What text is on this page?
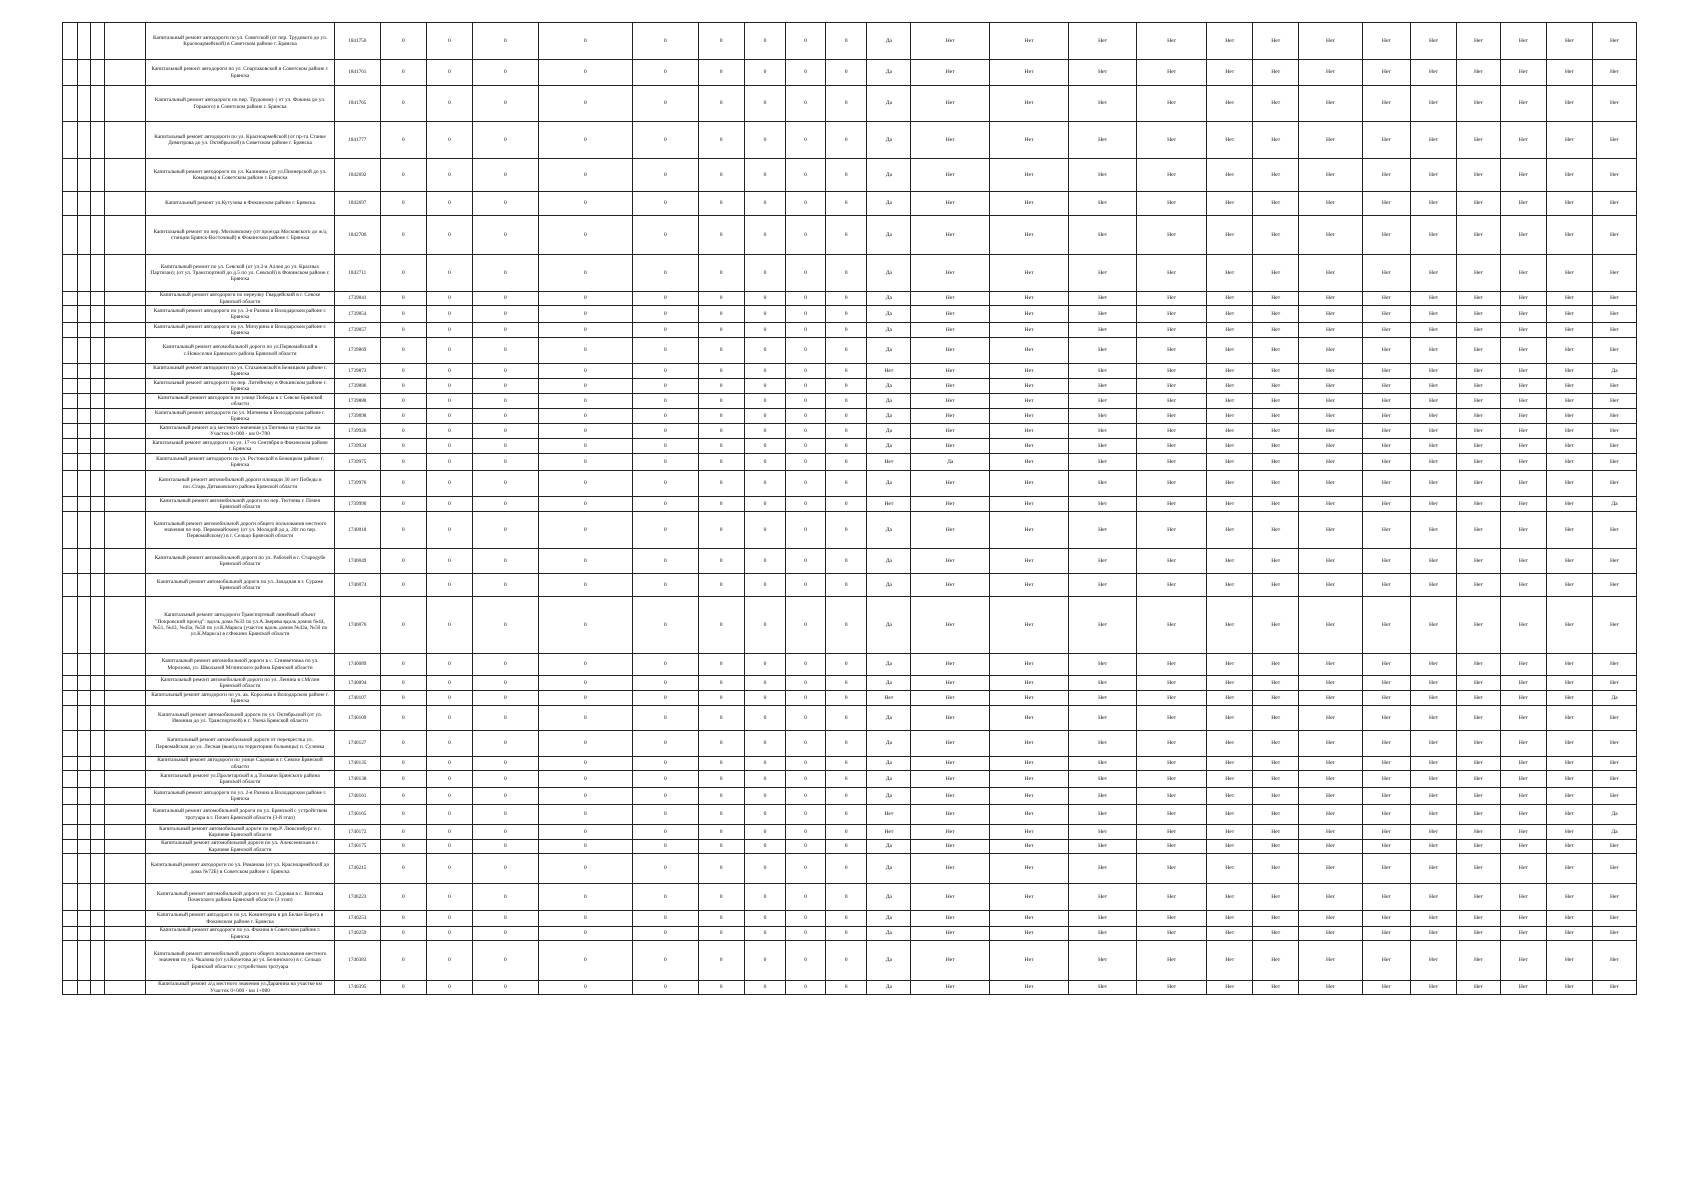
				Капитальный ремонт автодороги по ул. Советской (от пер. Трудового до ул. Красноармейской) в Советском районе г. Брянска	1841756	0	0	0	0	0	0	0	0	0	Да	Нет	Нет	Нет	Нет	Нет	Нет	Нет	Нет	Нет	Нет	Нет	Нет	Нет
				Капитальный ремонт автодороги по ул. Спартаковской в Советском районе г. Брянска	1841761	0	0	0	0	0	0	0	0	0	Да	Нет	Нет	Нет	Нет	Нет	Нет	Нет	Нет	Нет	Нет	Нет	Нет	Нет
				Капитальный ремонт автодороги по пер. Трудовому ( от ул. Фокина до ул. Горького) в Советском районе г. Брянска	1841765	0	0	0	0	0	0	0	0	0	Да	Нет	Нет	Нет	Нет	Нет	Нет	Нет	Нет	Нет	Нет	Нет	Нет	Нет
				Капитальный ремонт автодороги по ул. Красноармейской (от пр-та Станке Димитрова до ул. Октябрьской) в Советском районе г. Брянска	1841777	0	0	0	0	0	0	0	0	0	Да	Нет	Нет	Нет	Нет	Нет	Нет	Нет	Нет	Нет	Нет	Нет	Нет	Нет
				Капитальный ремонт автодороги по ул. Калинина (от ул.Пионерской до ул. Комарова) в Советском районе г. Брянска	1842692	0	0	0	0	0	0	0	0	0	Да	Нет	Нет	Нет	Нет	Нет	Нет	Нет	Нет	Нет	Нет	Нет	Нет	Нет
				Капитальный ремонт ул.Кутузова в Фокинском районе г. Брянска	1842697	0	0	0	0	0	0	0	0	0	Да	Нет	Нет	Нет	Нет	Нет	Нет	Нет	Нет	Нет	Нет	Нет	Нет	Нет
				Капитальный ремонт по пер. Московскому (от проезда Московского до ж/д станции Брянск-Восточный) в Фокинском районе г. Брянска	1842706	0	0	0	0	0	0	0	0	0	Да	Нет	Нет	Нет	Нет	Нет	Нет	Нет	Нет	Нет	Нет	Нет	Нет	Нет
				Капитальный ремонт по ул. Севской (от ул.2-я Аллея до ул. Красных Партизан); (от ул. Транспортной до д.5 по ул. Севской) в Фокинском районе г. Брянска	1842711	0	0	0	0	0	0	0	0	0	Да	Нет	Нет	Нет	Нет	Нет	Нет	Нет	Нет	Нет	Нет	Нет	Нет	Нет
				Капитальный ремонт автодороги по переулку Гвардейский в г. Севске Брянской области	1739841	0	0	0	0	0	0	0	0	0	Да	Нет	Нет	Нет	Нет	Нет	Нет	Нет	Нет	Нет	Нет	Нет	Нет	Нет
				Капитальный ремонт автодороги по ул. 3-я Разина в Володарском районе г. Брянска	1739854	0	0	0	0	0	0	0	0	0	Да	Нет	Нет	Нет	Нет	Нет	Нет	Нет	Нет	Нет	Нет	Нет	Нет	Нет
				Капитальный ремонт автодороги по ул. Мичурина в Володарском районе г. Брянска	1739857	0	0	0	0	0	0	0	0	0	Да	Нет	Нет	Нет	Нет	Нет	Нет	Нет	Нет	Нет	Нет	Нет	Нет	Нет
				Капитальный ремонт автомобильной дороги по ул.Первомайский в с.Новоселки Брянского района Брянской области	1739869	0	0	0	0	0	0	0	0	0	Да	Нет	Нет	Нет	Нет	Нет	Нет	Нет	Нет	Нет	Нет	Нет	Нет	Нет
				Капитальный ремонт автодороги по ул. Стахановской в Бежицком районе г. Брянска	1739873	0	0	0	0	0	0	0	0	0	Нет	Нет	Нет	Нет	Нет	Нет	Нет	Нет	Нет	Нет	Нет	Нет	Нет	Да
				Капитальный ремонт автодороги по пер. Литейному в Фокинском районе г. Брянска	1739886	0	0	0	0	0	0	0	0	0	Да	Нет	Нет	Нет	Нет	Нет	Нет	Нет	Нет	Нет	Нет	Нет	Нет	Нет
				Капитальный ремонт автодороги по улице Победы в г. Севске Брянской области	1739888	0	0	0	0	0	0	0	0	0	Да	Нет	Нет	Нет	Нет	Нет	Нет	Нет	Нет	Нет	Нет	Нет	Нет	Нет
				Капитальный ремонт автодороги по ул. Матвеева в Володарском районе г. Брянска	1739898	0	0	0	0	0	0	0	0	0	Да	Нет	Нет	Нет	Нет	Нет	Нет	Нет	Нет	Нет	Нет	Нет	Нет	Нет
				Капитальный ремонт а/д местного значения ул.Тютчева на участке км Участок 0+000 - км 0+700	1739926	0	0	0	0	0	0	0	0	0	Да	Нет	Нет	Нет	Нет	Нет	Нет	Нет	Нет	Нет	Нет	Нет	Нет	Нет
				Капитальный ремонт автодороги по ул. 17-го Сентября в Фокинском районе г. Брянска	1739934	0	0	0	0	0	0	0	0	0	Да	Нет	Нет	Нет	Нет	Нет	Нет	Нет	Нет	Нет	Нет	Нет	Нет	Нет
				Капитальный ремонт автодороги по ул. Ростовской в Бежицком районе г. Брянска	1739975	0	0	0	0	0	0	0	0	0	Нет	Да	Нет	Нет	Нет	Нет	Нет	Нет	Нет	Нет	Нет	Нет	Нет	Нет
				Капитальный ремонт автомобильной дороги площади 30 лет Победы в пос.Старь Дятьковского района Брянской области	1739976	0	0	0	0	0	0	0	0	0	Да	Нет	Нет	Нет	Нет	Нет	Нет	Нет	Нет	Нет	Нет	Нет	Нет	Нет
				Капитальный ремонт автомобильной дороги по пер. Тютчева г. Почеп Брянской области	1739990	0	0	0	0	0	0	0	0	0	Нет	Нет	Нет	Нет	Нет	Нет	Нет	Нет	Нет	Нет	Нет	Нет	Нет	Да
				Капитальный ремонт автомобильной дороги общего пользования местного значения по пер. Первомайскому (от ул. Молодой до д. 20г по пер. Первомайскому) в г. Сельцо Брянской области	1740018	0	0	0	0	0	0	0	0	0	Да	Нет	Нет	Нет	Нет	Нет	Нет	Нет	Нет	Нет	Нет	Нет	Нет	Нет
				Капитальный ремонт автомобильной дороги по ул. Рабочей в г. Стародубе Брянской области	1740049	0	0	0	0	0	0	0	0	0	Да	Нет	Нет	Нет	Нет	Нет	Нет	Нет	Нет	Нет	Нет	Нет	Нет	Нет
				Капитальный ремонт автомобильной дороги по ул. Западная в г. Сураже Брянской области	1740074	0	0	0	0	0	0	0	0	0	Да	Нет	Нет	Нет	Нет	Нет	Нет	Нет	Нет	Нет	Нет	Нет	Нет	Нет
				Капитальный ремонт автодороги Транспортный линейный объект "Покровский проезд": вдоль дома №33 по ул.А.Зверева вдоль домов №44, №51, №43, №43а, №50 по ул.К.Маркса (участок вдоль домов №43а, №50 по ул.К.Маркса) в г.Фокино Брянской области	1740076	0	0	0	0	0	0	0	0	0	Да	Нет	Нет	Нет	Нет	Нет	Нет	Нет	Нет	Нет	Нет	Нет	Нет	Нет
				Капитальный ремонт автомобильной дороги в с. Синеветовка по ул. Морозова, ул. Школьной Мглинского района Брянской области	1740089	0	0	0	0	0	0	0	0	0	Да	Нет	Нет	Нет	Нет	Нет	Нет	Нет	Нет	Нет	Нет	Нет	Нет	Нет
				Капитальный ремонт автомобильной дороги по ул. Ленина в г.Мглин Брянской области	1740094	0	0	0	0	0	0	0	0	0	Да	Нет	Нет	Нет	Нет	Нет	Нет	Нет	Нет	Нет	Нет	Нет	Нет	Нет
				Капитальный ремонт автодороги по ул. ак. Королева в Володарском районе г. Брянска	1740107	0	0	0	0	0	0	0	0	0	Нет	Нет	Нет	Нет	Нет	Нет	Нет	Нет	Нет	Нет	Нет	Нет	Нет	Да
				Капитальный ремонт автомобильной дороги по ул. Октябрьской (от ул. Ивонина до ул. Транспортной) в г. Унеча Брянской области	1740109	0	0	0	0	0	0	0	0	0	Да	Нет	Нет	Нет	Нет	Нет	Нет	Нет	Нет	Нет	Нет	Нет	Нет	Нет
				Капитальный ремонт автомобильной дороги от перекрестка ул. Первомайская до ул. Лесная (выезд на территорию больницы) п. Суземка	1740127	0	0	0	0	0	0	0	0	0	Да	Нет	Нет	Нет	Нет	Нет	Нет	Нет	Нет	Нет	Нет	Нет	Нет	Нет
				Капитальный ремонт автодороги по улице Садовая в г. Севске Брянской области	1740135	0	0	0	0	0	0	0	0	0	Да	Нет	Нет	Нет	Нет	Нет	Нет	Нет	Нет	Нет	Нет	Нет	Нет	Нет
				Капитальный ремонт ул.Пролетарской в д.Толмачи Брянского района Брянской области	1740138	0	0	0	0	0	0	0	0	0	Да	Нет	Нет	Нет	Нет	Нет	Нет	Нет	Нет	Нет	Нет	Нет	Нет	Нет
				Капитальный ремонт автодороги по ул. 2-я Разина в Володарском районе г. Брянска	1740161	0	0	0	0	0	0	0	0	0	Да	Нет	Нет	Нет	Нет	Нет	Нет	Нет	Нет	Нет	Нет	Нет	Нет	Нет
				Капитальный ремонт автомобильной дороги по ул. Брянской с устройством тротуара в г. Почеп Брянской области (3-й этап)	1740165	0	0	0	0	0	0	0	0	0	Нет	Нет	Нет	Нет	Нет	Нет	Нет	Нет	Нет	Нет	Нет	Нет	Нет	Да
				Капитальный ремонт автомобильной дороги по пер.Р. Люксембург в г. Карачеве Брянской области	1740172	0	0	0	0	0	0	0	0	0	Нет	Нет	Нет	Нет	Нет	Нет	Нет	Нет	Нет	Нет	Нет	Нет	Нет	Да
				Капитальный ремонт автомобильной дороги по ул. Алексеевская в г. Карачеве Брянской области	1740175	0	0	0	0	0	0	0	0	0	Да	Нет	Нет	Нет	Нет	Нет	Нет	Нет	Нет	Нет	Нет	Нет	Нет	Нет
				Капитальный ремонт автодороги по ул. Романова (от ул. Красноармейской до дома №72Б) в Советском районе г. Брянска	1740215	0	0	0	0	0	0	0	0	0	Да	Нет	Нет	Нет	Нет	Нет	Нет	Нет	Нет	Нет	Нет	Нет	Нет	Нет
				Капитальный ремонт автомобильной дороги по ул. Садовая в с. Витовка Почепского района Брянской области (3 этап)	1740223	0	0	0	0	0	0	0	0	0	Да	Нет	Нет	Нет	Нет	Нет	Нет	Нет	Нет	Нет	Нет	Нет	Нет	Нет
				Капитальный ремонт автодороги по ул. Коминтерна в рп Белые Берега в Фокинском районе г. Брянска	1740253	0	0	0	0	0	0	0	0	0	Да	Нет	Нет	Нет	Нет	Нет	Нет	Нет	Нет	Нет	Нет	Нет	Нет	Нет
				Капитальный ремонт автодороги по ул. Фокина в Советском районе г. Брянска	1740259	0	0	0	0	0	0	0	0	0	Да	Нет	Нет	Нет	Нет	Нет	Нет	Нет	Нет	Нет	Нет	Нет	Нет	Нет
				Капитальный ремонт автомобильной дороги общего пользования местного значения по ул. Чкалова (от ул.Кочетова до ул. Белинского) в г. Сельцо Брянской области с устройством тротуара	1740383	0	0	0	0	0	0	0	0	0	Да	Нет	Нет	Нет	Нет	Нет	Нет	Нет	Нет	Нет	Нет	Нет	Нет	Нет
				Капитальный ремонт а/д местного значения ул.Даранина на участке км Участок 0+000 - км 1+080	1740395	0	0	0	0	0	0	0	0	0	Да	Нет	Нет	Нет	Нет	Нет	Нет	Нет	Нет	Нет	Нет	Нет	Нет	Нет
